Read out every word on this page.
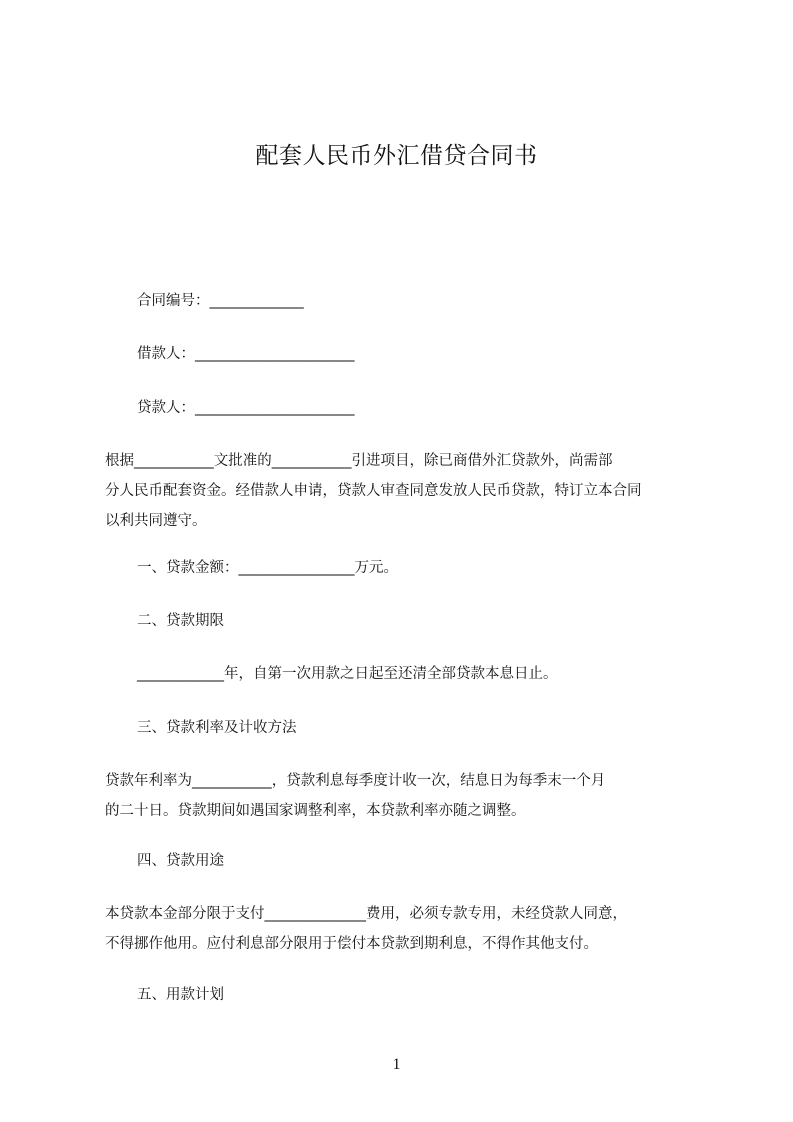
配套人民币外汇借贷合同书
合同编号：_____________
借款人：______________________
贷款人：______________________
根据___________文批准的___________引进项目，除已商借外汇贷款外，尚需部
分人民币配套资金。经借款人申请，贷款人审查同意发放人民币贷款，特订立本合同
以利共同遵守。
一、贷款金额：________________万元。
二、贷款期限
____________年，自第一次用款之日起至还清全部贷款本息日止。
三、贷款利率及计收方法
贷款年利率为___________，贷款利息每季度计收一次，结息日为每季末一个月
的二十日。贷款期间如遇国家调整利率，本贷款利率亦随之调整。
四、贷款用途
本贷款本金部分限于支付______________费用，必须专款专用，未经贷款人同意，
不得挪作他用。应付利息部分限用于偿付本贷款到期利息，不得作其他支付。
五、用款计划
1
